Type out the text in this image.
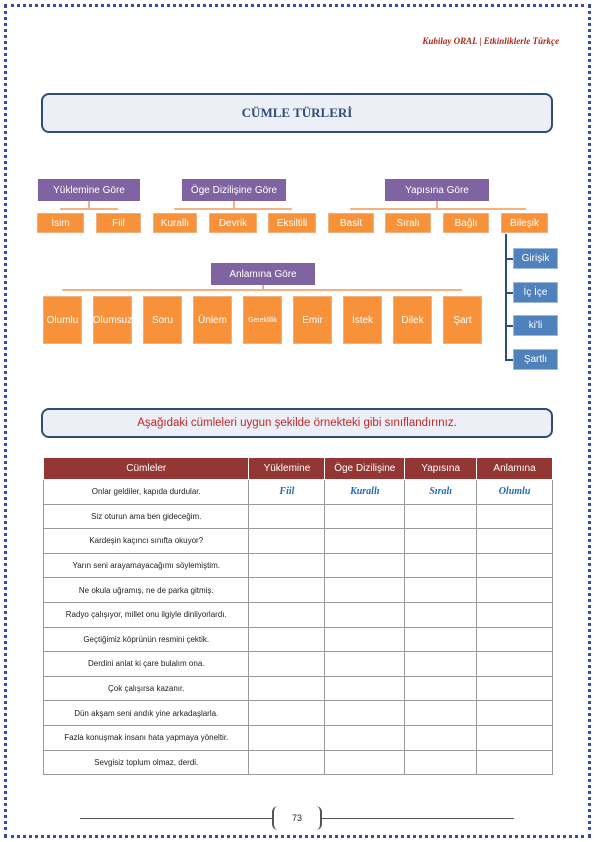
Kubilay ORAL | Etkinliklerle Türkçe
CÜMLE TÜRLERİ
Yüklemine Göre
İsim	Fiil
Öge Dizilişine Göre
Kurallı	Devrik	Eksiltili
Yapısına Göre
Basit	Sıralı	Bağlı	Bileşik
Girişik
İç İçe
ki'li
Şartlı
Anlamına Göre
Olumlu	Olumsuz	Soru	Ünlem	Gereklilik	Emir	İstek	Dilek	Şart
Aşağıdaki cümleleri uygun şekilde örnekteki gibi sınıflandırınız.
Cümleler	Yüklemine	Öge Dizilişine	Yapısına	Anlamına
Onlar geldiler, kapıda durdular.	Fiil	Kurallı	Sıralı	Olumlu
Siz oturun ama ben gideceğim.				
Kardeşin kaçıncı sınıfta okuyor?				
Yarın seni arayamayacağımı söylemiştim.				
Ne okula uğramış, ne de parka gitmiş.				
Radyo çalışıyor, millet onu ilgiyle dinliyorlardı.				
Geçtiğimiz köprünün resmini çektik.				
Derdini anlat ki çare bulalım ona.				
Çok çalışırsa kazanır.				
Dün akşam seni andık yine arkadaşlarla.				
Fazla konuşmak insanı hata yapmaya yöneltir.				
Sevgisiz toplum olmaz, derdi.				
73
